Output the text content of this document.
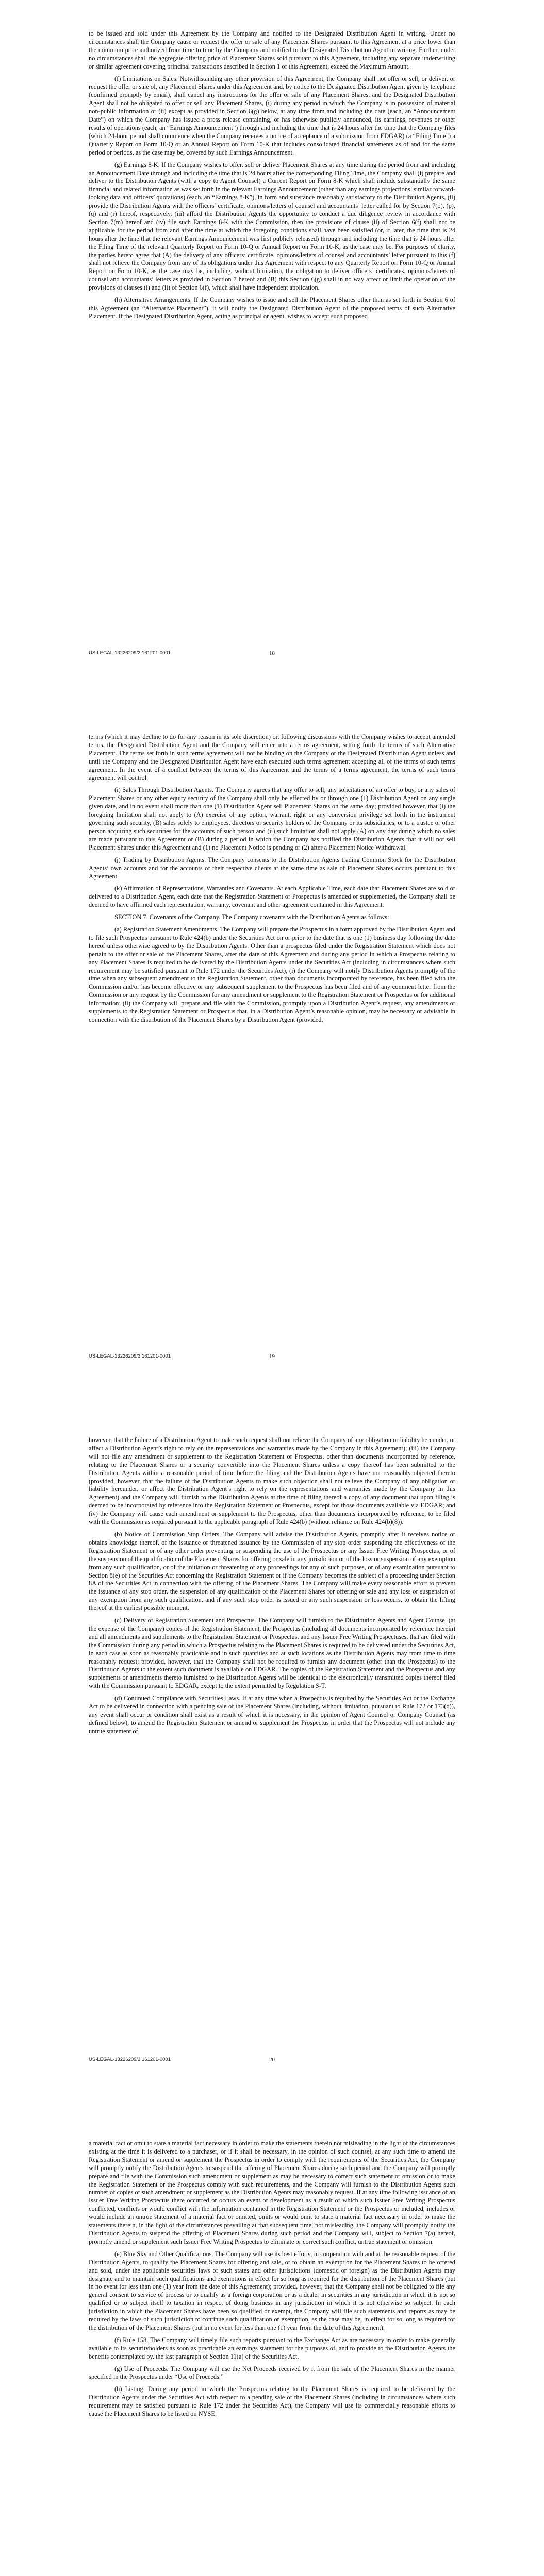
to be issued and sold under this Agreement by the Company and notified to the Designated Distribution Agent in writing. Under no circumstances shall the Company cause or request the offer or sale of any Placement Shares pursuant to this Agreement at a price lower than the minimum price authorized from time to time by the Company and notified to the Designated Distribution Agent in writing. Further, under no circumstances shall the aggregate offering price of Placement Shares sold pursuant to this Agreement, including any separate underwriting or similar agreement covering principal transactions described in Section 1 of this Agreement, exceed the Maximum Amount.

(f) Limitations on Sales. Notwithstanding any other provision of this Agreement, the Company shall not offer or sell, or deliver, or request the offer or sale of, any Placement Shares under this Agreement and, by notice to the Designated Distribution Agent given by telephone (confirmed promptly by email), shall cancel any instructions for the offer or sale of any Placement Shares, and the Designated Distribution Agent shall not be obligated to offer or sell any Placement Shares, (i) during any period in which the Company is in possession of material non-public information or (ii) except as provided in Section 6(g) below, at any time from and including the date (each, an “Announcement Date”) on which the Company has issued a press release containing, or has otherwise publicly announced, its earnings, revenues or other results of operations (each, an “Earnings Announcement”) through and including the time that is 24 hours after the time that the Company files (which 24-hour period shall commence when the Company receives a notice of acceptance of a submission from EDGAR) (a “Filing Time”) a Quarterly Report on Form 10-Q or an Annual Report on Form 10-K that includes consolidated financial statements as of and for the same period or periods, as the case may be, covered by such Earnings Announcement.

(g) Earnings 8-K. If the Company wishes to offer, sell or deliver Placement Shares at any time during the period from and including an Announcement Date through and including the time that is 24 hours after the corresponding Filing Time, the Company shall (i) prepare and deliver to the Distribution Agents (with a copy to Agent Counsel) a Current Report on Form 8-K which shall include substantially the same financial and related information as was set forth in the relevant Earnings Announcement (other than any earnings projections, similar forward-looking data and officers’ quotations) (each, an “Earnings 8-K”), in form and substance reasonably satisfactory to the Distribution Agents, (ii) provide the Distribution Agents with the officers’ certificate, opinions/letters of counsel and accountants’ letter called for by Section 7(o), (p), (q) and (r) hereof, respectively, (iii) afford the Distribution Agents the opportunity to conduct a due diligence review in accordance with Section 7(m) hereof and (iv) file such Earnings 8-K with the Commission, then the provisions of clause (ii) of Section 6(f) shall not be applicable for the period from and after the time at which the foregoing conditions shall have been satisfied (or, if later, the time that is 24 hours after the time that the relevant Earnings Announcement was first publicly released) through and including the time that is 24 hours after the Filing Time of the relevant Quarterly Report on Form 10-Q or Annual Report on Form 10-K, as the case may be. For purposes of clarity, the parties hereto agree that (A) the delivery of any officers’ certificate, opinions/letters of counsel and accountants’ letter pursuant to this (f) shall not relieve the Company from any of its obligations under this Agreement with respect to any Quarterly Report on Form 10-Q or Annual Report on Form 10-K, as the case may be, including, without limitation, the obligation to deliver officers’ certificates, opinions/letters of counsel and accountants’ letters as provided in Section 7 hereof and (B) this Section 6(g) shall in no way affect or limit the operation of the provisions of clauses (i) and (ii) of Section 6(f), which shall have independent application.

(h) Alternative Arrangements. If the Company wishes to issue and sell the Placement Shares other than as set forth in Section 6 of this Agreement (an “Alternative Placement”), it will notify the Designated Distribution Agent of the proposed terms of such Alternative Placement. If the Designated Distribution Agent, acting as principal or agent, wishes to accept such proposed

US-LEGAL-13226209/2 161201-0001	18

terms (which it may decline to do for any reason in its sole discretion) or, following discussions with the Company wishes to accept amended terms, the Designated Distribution Agent and the Company will enter into a terms agreement, setting forth the terms of such Alternative Placement. The terms set forth in such terms agreement will not be binding on the Company or the Designated Distribution Agent unless and until the Company and the Designated Distribution Agent have each executed such terms agreement accepting all of the terms of such terms agreement. In the event of a conflict between the terms of this Agreement and the terms of a terms agreement, the terms of such terms agreement will control.

(i) Sales Through Distribution Agents. The Company agrees that any offer to sell, any solicitation of an offer to buy, or any sales of Placement Shares or any other equity security of the Company shall only be effected by or through one (1) Distribution Agent on any single given date, and in no event shall more than one (1) Distribution Agent sell Placement Shares on the same day; provided however, that (i) the foregoing limitation shall not apply to (A) exercise of any option, warrant, right or any conversion privilege set forth in the instrument governing such security, (B) sales solely to employees, directors or security holders of the Company or its subsidiaries, or to a trustee or other person acquiring such securities for the accounts of such person and (ii) such limitation shall not apply (A) on any day during which no sales are made pursuant to this Agreement or (B) during a period in which the Company has notified the Distribution Agents that it will not sell Placement Shares under this Agreement and (1) no Placement Notice is pending or (2) after a Placement Notice Withdrawal.

(j) Trading by Distribution Agents. The Company consents to the Distribution Agents trading Common Stock for the Distribution Agents’ own accounts and for the accounts of their respective clients at the same time as sale of Placement Shares occurs pursuant to this Agreement.

(k) Affirmation of Representations, Warranties and Covenants. At each Applicable Time, each date that Placement Shares are sold or delivered to a Distribution Agent, each date that the Registration Statement or Prospectus is amended or supplemented, the Company shall be deemed to have affirmed each representation, warranty, covenant and other agreement contained in this Agreement.

SECTION 7. Covenants of the Company. The Company covenants with the Distribution Agents as follows:

(a) Registration Statement Amendments. The Company will prepare the Prospectus in a form approved by the Distribution Agent and to file such Prospectus pursuant to Rule 424(b) under the Securities Act on or prior to the date that is one (1) business day following the date hereof unless otherwise agreed to by the Distribution Agents. Other than a prospectus filed under the Registration Statement which does not pertain to the offer or sale of the Placement Shares, after the date of this Agreement and during any period in which a Prospectus relating to any Placement Shares is required to be delivered by the Distribution Agents under the Securities Act (including in circumstances where such requirement may be satisfied pursuant to Rule 172 under the Securities Act), (i) the Company will notify Distribution Agents promptly of the time when any subsequent amendment to the Registration Statement, other than documents incorporated by reference, has been filed with the Commission and/or has become effective or any subsequent supplement to the Prospectus has been filed and of any comment letter from the Commission or any request by the Commission for any amendment or supplement to the Registration Statement or Prospectus or for additional information; (ii) the Company will prepare and file with the Commission, promptly upon a Distribution Agent’s request, any amendments or supplements to the Registration Statement or Prospectus that, in a Distribution Agent’s reasonable opinion, may be necessary or advisable in connection with the distribution of the Placement Shares by a Distribution Agent (provided,

US-LEGAL-13226209/2 161201-0001	19

however, that the failure of a Distribution Agent to make such request shall not relieve the Company of any obligation or liability hereunder, or affect a Distribution Agent’s right to rely on the representations and warranties made by the Company in this Agreement); (iii) the Company will not file any amendment or supplement to the Registration Statement or Prospectus, other than documents incorporated by reference, relating to the Placement Shares or a security convertible into the Placement Shares unless a copy thereof has been submitted to the Distribution Agents within a reasonable period of time before the filing and the Distribution Agents have not reasonably objected thereto (provided, however, that the failure of the Distribution Agents to make such objection shall not relieve the Company of any obligation or liability hereunder, or affect the Distribution Agent’s right to rely on the representations and warranties made by the Company in this Agreement) and the Company will furnish to the Distribution Agents at the time of filing thereof a copy of any document that upon filing is deemed to be incorporated by reference into the Registration Statement or Prospectus, except for those documents available via EDGAR; and (iv) the Company will cause each amendment or supplement to the Prospectus, other than documents incorporated by reference, to be filed with the Commission as required pursuant to the applicable paragraph of Rule 424(b) (without reliance on Rule 424(b)(8)).

(b) Notice of Commission Stop Orders. The Company will advise the Distribution Agents, promptly after it receives notice or obtains knowledge thereof, of the issuance or threatened issuance by the Commission of any stop order suspending the effectiveness of the Registration Statement or of any other order preventing or suspending the use of the Prospectus or any Issuer Free Writing Prospectus, or of the suspension of the qualification of the Placement Shares for offering or sale in any jurisdiction or of the loss or suspension of any exemption from any such qualification, or of the initiation or threatening of any proceedings for any of such purposes, or of any examination pursuant to Section 8(e) of the Securities Act concerning the Registration Statement or if the Company becomes the subject of a proceeding under Section 8A of the Securities Act in connection with the offering of the Placement Shares. The Company will make every reasonable effort to prevent the issuance of any stop order, the suspension of any qualification of the Placement Shares for offering or sale and any loss or suspension of any exemption from any such qualification, and if any such stop order is issued or any such suspension or loss occurs, to obtain the lifting thereof at the earliest possible moment.

(c) Delivery of Registration Statement and Prospectus. The Company will furnish to the Distribution Agents and Agent Counsel (at the expense of the Company) copies of the Registration Statement, the Prospectus (including all documents incorporated by reference therein) and all amendments and supplements to the Registration Statement or Prospectus, and any Issuer Free Writing Prospectuses, that are filed with the Commission during any period in which a Prospectus relating to the Placement Shares is required to be delivered under the Securities Act, in each case as soon as reasonably practicable and in such quantities and at such locations as the Distribution Agents may from time to time reasonably request; provided, however, that the Company shall not be required to furnish any document (other than the Prospectus) to the Distribution Agents to the extent such document is available on EDGAR. The copies of the Registration Statement and the Prospectus and any supplements or amendments thereto furnished to the Distribution Agents will be identical to the electronically transmitted copies thereof filed with the Commission pursuant to EDGAR, except to the extent permitted by Regulation S-T.

(d) Continued Compliance with Securities Laws. If at any time when a Prospectus is required by the Securities Act or the Exchange Act to be delivered in connection with a pending sale of the Placement Shares (including, without limitation, pursuant to Rule 172 or 173(d)), any event shall occur or condition shall exist as a result of which it is necessary, in the opinion of Agent Counsel or Company Counsel (as defined below), to amend the Registration Statement or amend or supplement the Prospectus in order that the Prospectus will not include any untrue statement of

US-LEGAL-13226209/2 161201-0001	20

a material fact or omit to state a material fact necessary in order to make the statements therein not misleading in the light of the circumstances existing at the time it is delivered to a purchaser, or if it shall be necessary, in the opinion of such counsel, at any such time to amend the Registration Statement or amend or supplement the Prospectus in order to comply with the requirements of the Securities Act, the Company will promptly notify the Distribution Agents to suspend the offering of Placement Shares during such period and the Company will promptly prepare and file with the Commission such amendment or supplement as may be necessary to correct such statement or omission or to make the Registration Statement or the Prospectus comply with such requirements, and the Company will furnish to the Distribution Agents such number of copies of such amendment or supplement as the Distribution Agents may reasonably request. If at any time following issuance of an Issuer Free Writing Prospectus there occurred or occurs an event or development as a result of which such Issuer Free Writing Prospectus conflicted, conflicts or would conflict with the information contained in the Registration Statement or the Prospectus or included, includes or would include an untrue statement of a material fact or omitted, omits or would omit to state a material fact necessary in order to make the statements therein, in the light of the circumstances prevailing at that subsequent time, not misleading, the Company will promptly notify the Distribution Agents to suspend the offering of Placement Shares during such period and the Company will, subject to Section 7(a) hereof, promptly amend or supplement such Issuer Free Writing Prospectus to eliminate or correct such conflict, untrue statement or omission.

(e) Blue Sky and Other Qualifications. The Company will use its best efforts, in cooperation with and at the reasonable request of the Distribution Agents, to qualify the Placement Shares for offering and sale, or to obtain an exemption for the Placement Shares to be offered and sold, under the applicable securities laws of such states and other jurisdictions (domestic or foreign) as the Distribution Agents may designate and to maintain such qualifications and exemptions in effect for so long as required for the distribution of the Placement Shares (but in no event for less than one (1) year from the date of this Agreement); provided, however, that the Company shall not be obligated to file any general consent to service of process or to qualify as a foreign corporation or as a dealer in securities in any jurisdiction in which it is not so qualified or to subject itself to taxation in respect of doing business in any jurisdiction in which it is not otherwise so subject. In each jurisdiction in which the Placement Shares have been so qualified or exempt, the Company will file such statements and reports as may be required by the laws of such jurisdiction to continue such qualification or exemption, as the case may be, in effect for so long as required for the distribution of the Placement Shares (but in no event for less than one (1) year from the date of this Agreement).

(f) Rule 158. The Company will timely file such reports pursuant to the Exchange Act as are necessary in order to make generally available to its securityholders as soon as practicable an earnings statement for the purposes of, and to provide to the Distribution Agents the benefits contemplated by, the last paragraph of Section 11(a) of the Securities Act.

(g) Use of Proceeds. The Company will use the Net Proceeds received by it from the sale of the Placement Shares in the manner specified in the Prospectus under “Use of Proceeds.”

(h) Listing. During any period in which the Prospectus relating to the Placement Shares is required to be delivered by the Distribution Agents under the Securities Act with respect to a pending sale of the Placement Shares (including in circumstances where such requirement may be satisfied pursuant to Rule 172 under the Securities Act), the Company will use its commercially reasonable efforts to cause the Placement Shares to be listed on NYSE.
